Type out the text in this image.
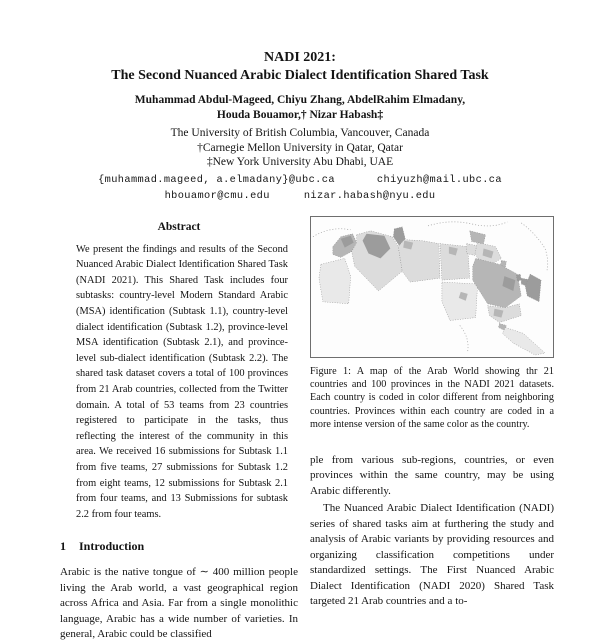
NADI 2021:
The Second Nuanced Arabic Dialect Identification Shared Task
Muhammad Abdul-Mageed, Chiyu Zhang, AbdelRahim Elmadany,
Houda Bouamor,† Nizar Habash‡
The University of British Columbia, Vancouver, Canada
†Carnegie Mellon University in Qatar, Qatar
‡New York University Abu Dhabi, UAE
{muhammad.mageed, a.elmadany}@ubc.ca	chiyuzh@mail.ubc.ca
hbouamor@cmu.edu	nizar.habash@nyu.edu
Abstract
We present the findings and results of the Second Nuanced Arabic Dialect Identification Shared Task (NADI 2021). This Shared Task includes four subtasks: country-level Modern Standard Arabic (MSA) identification (Subtask 1.1), country-level dialect identification (Subtask 1.2), province-level MSA identification (Subtask 2.1), and province-level sub-dialect identification (Subtask 2.2). The shared task dataset covers a total of 100 provinces from 21 Arab countries, collected from the Twitter domain. A total of 53 teams from 23 countries registered to participate in the tasks, thus reflecting the interest of the community in this area. We received 16 submissions for Subtask 1.1 from five teams, 27 submissions for Subtask 1.2 from eight teams, 12 submissions for Subtask 2.1 from four teams, and 13 Submissions for subtask 2.2 from four teams.
1 Introduction
Arabic is the native tongue of ∼ 400 million people living the Arab world, a vast geographical region across Africa and Asia. Far from a single monolithic language, Arabic has a wide number of varieties. In general, Arabic could be classified
Figure 1: A map of the Arab World showing thr 21 countries and 100 provinces in the NADI 2021 datasets. Each country is coded in color different from neighboring countries. Provinces within each country are coded in a more intense version of the same color as the country.
ple from various sub-regions, countries, or even provinces within the same country, may be using Arabic differently.
The Nuanced Arabic Dialect Identification (NADI) series of shared tasks aim at furthering the study and analysis of Arabic variants by providing resources and organizing classification competitions under standardized settings. The First Nuanced Arabic Dialect Identification (NADI 2020) Shared Task targeted 21 Arab countries and a to-
